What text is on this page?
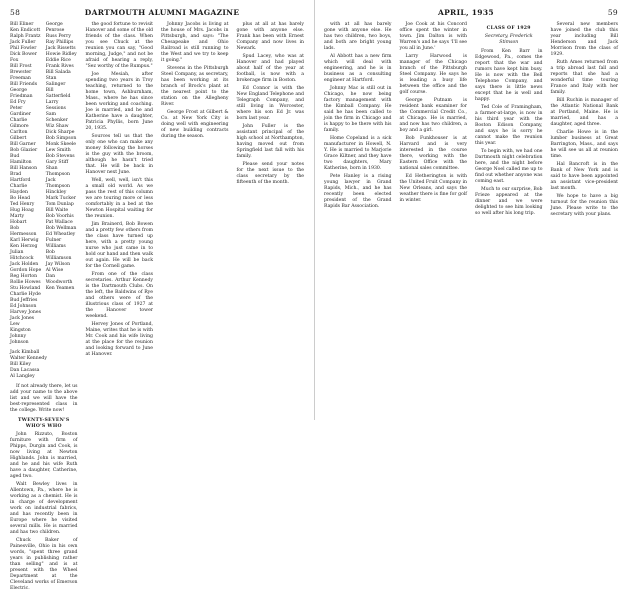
58	DARTMOUTH ALUMNI MAGAZINE
Bill Eliner
Ken Endicott
Ralph Frantz
Jack Fuller
Phil Fowler
Dick Bower Fox
Bill Frost
Brewster Freeman
Bill Friends
George Friedman
Ed Fry
Peter Gardiner
Charlie Gilmore
Carlton Gilbert
Bill Garner
Bob Glazier
Bud Hamilton
Bill Hanson
Brad Hartford
Charlie Hayden
Bo Head
Ted Henry
Hug Hoag
Marty Hobart
Bob Hermesson
Karl Herwig
Ken Herzog
Julian Hitchcock
Jack Holden
Gordon Hope
Reg Horton
Rollie Howes
Stu Howland
Charlie Hyde
Bud Jeffries
Ed Johnson
Harvey Jones
Jack Jones
Lew Kingston
Johnny Johnson
George Penrose
Russ Perry
Ray Phillips
Jack Rissetts
Howie Ridley
Eddie Rice
Frank Rives
Bill Salada
Stan Salinger
Bill Satterfield
Larry Sessions
Sam Schenker
Wiz Shaw
Dick Sharpe
Bob Simpson
Monk Skeele
Lew Smith
Bob Stevens
Gary Stiff
Shan Thompson
Jack Thompson
Hinckley
Mark Tucker
Tom Dunlap
Bill Waite
Bob Voorhis
Pat Wallace
Bob Wellman
Ed Wheatley
Fulner Williams
Bob Williamson
Jay Wilson
Al Wise
Dan Woodworth
Ken Yeamen
Jack Kimball
Walter Kennedy
Bill Kiley
Dan Lacassa
Al Langley

If not already there, let us add your name to the above list and we will have the best-represented class in the college. Write now!

TWENTY-SEVEN'S WHO'S WHO

John Rizzuto, Boston furniture with firm of Phipps, Durgin and Cook, is now living at Newton Highlands. John is married, and he and his wife Ruth have a daughter, Catherine, aged two.

Walt Bewley lives in Allentown, Pa., where he is working as a chemist. He is in charge of development work on industrial fabrics, and has recently been in Europe where he visited several mills. He is married and has two children.

Chuck Baker of Painesville, Ohio in his own words, "spent three grand years in publishing rather than selling" and is at present with the Wheel Department at the Cleveland works of Emerson Electric.

the good fortune to revisit Hanover and some of the old friends of the class. When you see Chuck at the reunion you can say, "Good morning, Judge," and not be afraid of hearing a reply, "Sez worthy of the Rumpus."

Joe Mesiah, after spending two years in Troy teaching, returned to the home town, Ashburnham, Mass., where he has since been working and coaching. Joe is married, and he and Katherine have a daughter, Patricia Phyllis, born June 20, 1935.

Sources tell us that the only one who can make any money following the horses is the guy with the broom, although he hasn't tried that. He will be back in Hanover next June.

Well, well, well, isn't this a small old world. As we pass the rest of this column we are touring more or less comfortably in a bed at the Newton Hospital waiting for the reunion.

Jim Brainerd, Bob Bowen and a pretty few others from the class have turned up here, with a pretty young nurse who just came in to hold our hand and then walk out again. He will be back for the Cornell game.

From one of the class secretaries. Arthur Kennedy is the Dartmouth Clubs. On the left, the Baldwins of Rye and others were of the illustrious class of 1927 at the Hanover tower weekend.

Hervey Jones of Portland, Maine, writes that he is with Mr. Cook and his wife living at the place for the reunion and looking forward to June at Hanover.

Johnny Jacobs is living at the house of Mrs. Jacobs in Pittsburgh, and says: "The Chesapeake and Ohio Railroad is still running to the West and we try to keep it going."

Stevens in the Pittsburgh Steel Company, as secretary, has been working at its branch of Brock's plant at the nearest point to the station on the Allegheny River.

George Frost at Gilbert & Co. at New York City is doing well with engineering of new building contracts during the season.

plus at all at has barely gone with anyone else. Frank has been with Ernest Company and now lives in Newark.

Spud Lacey, who was at Hanover and had played about half of the year at football, is now with a brokerage firm in Boston.

Ed Connor is with the New England Telephone and Telegraph Company, and still living in Worcester, where his son Ed Jr. was born last year.

John Fuller is the assistant principal of the high school at Northampton, having moved out from Springfield last fall with his family.

Please send your notes for the next issue to the class secretary by the fifteenth of the month.

APRIL, 1935	59

with at all has barely gone with anyone else. He has two children, two boys, and both are bright young lads.

Al Abbott has a new firm which will deal with engineering, and he is in business as a consulting engineer at Hartford.

Johnny Mac is still out in Chicago, he now being factory management with the Kimball Company. He said he has been called to join the firm in Chicago and is happy to be there with his family.

Home Copeland is a sick manufacturer in Howell, N. Y. He is married to Marjorie Grace Kiltner, and they have two daughters, Mary Katherine, born in 1930.

Pete Hanley is a rising young lawyer in Grand Rapids, Mich., and he has recently been elected president of the Grand Rapids Bar Association.

Joe Cook at his Concord office spent the winter in town. Jim Dalton is with Warren's and he says 'I'll see you all in June.'

Larry Harwood is manager of the Chicago branch of the Pittsburgh Steel Company. He says he is leading a busy life between the office and the golf course.

George Putnam is resident bank examiner for the Commercial Credit Co., at Chicago. He is married, and now has two children, a boy and a girl.

Bob Funkhouser is at Harvard and is very interested in the course there, working with the Eastern Office with the national sales committee.

Ed Hetherington is with the United Fruit Company in New Orleans, and says the weather there is fine for golf in winter.

CLASS OF 1929
Secretary, Frederick Stimson

From Ken Barr in Edgewood, Pa., comes the report that the war and rumors have kept him busy. He is now with the Bell Telephone Company, and says there is little news except that he is well and happy.

Ted Cole of Framingham, a farmer-at-large, is now in his third year with the Boston Edison Company, and says he is sorry he cannot make the reunion this year.

To begin with, we had one Dartmouth night celebration here, and the night before George Noel called me up to find out whether anyone was coming east.

Much to our surprise, Bob Frieze appeared at the dinner and we were delighted to see him looking so well after his long trip.

Several new members have joined the club this year including Bill Henderson and Jack Morrison from the class of 1929.

Ruth Ames returned from a trip abroad last fall and reports that she had a wonderful time touring France and Italy with her family.

Bill Ruchin is manager of the Atlantic National Bank at Portland, Maine. He is married, and has a daughter, aged three.

Charlie Howe is in the lumber business at Great Barrington, Mass., and says he will see us all at reunion time.

Hal Bancroft is in the Bank of New York and is said to have been appointed an assistant vice-president last month.

We hope to have a big turnout for the reunion this June. Please write to the secretary with your plans.
